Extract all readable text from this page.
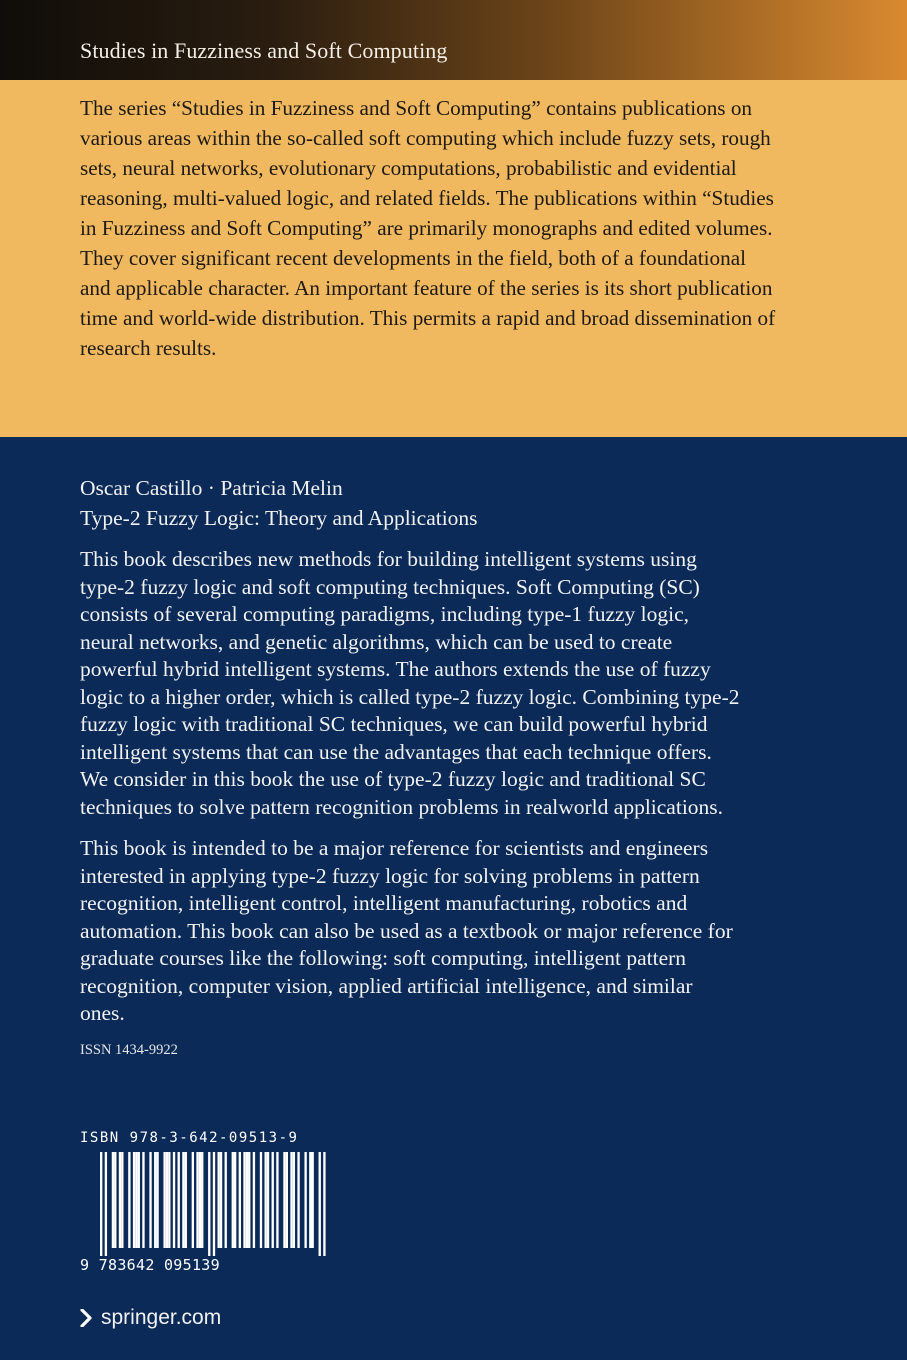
Studies in Fuzziness and Soft Computing

The series “Studies in Fuzziness and Soft Computing” contains publications on various areas within the so-called soft computing which include fuzzy sets, rough sets, neural networks, evolutionary computations, probabilistic and evidential reasoning, multi-valued logic, and related fields. The publications within “Studies in Fuzziness and Soft Computing” are primarily monographs and edited volumes. They cover significant recent developments in the field, both of a foundational and applicable character. An important feature of the series is its short publication time and world-wide distribution. This permits a rapid and broad dissemination of research results.

Oscar Castillo · Patricia Melin

Type-2 Fuzzy Logic: Theory and Applications

This book describes new methods for building intelligent systems using type-2 fuzzy logic and soft computing techniques. Soft Computing (SC) consists of several computing paradigms, including type-1 fuzzy logic, neural networks, and genetic algorithms, which can be used to create powerful hybrid intelligent systems. The authors extends the use of fuzzy logic to a higher order, which is called type-2 fuzzy logic. Combining type-2 fuzzy logic with traditional SC techniques, we can build powerful hybrid intelligent systems that can use the advantages that each technique offers. We consider in this book the use of type-2 fuzzy logic and traditional SC techniques to solve pattern recognition problems in realworld applications.

This book is intended to be a major reference for scientists and engineers interested in applying type-2 fuzzy logic for solving problems in pattern recognition, intelligent control, intelligent manufacturing, robotics and automation. This book can also be used as a textbook or major reference for graduate courses like the following: soft computing, intelligent pattern recognition, computer vision, applied artificial intelligence, and similar ones.

ISSN 1434-9922
ISBN 978-3-642-09513-9
9 783642 095139
springer.com
